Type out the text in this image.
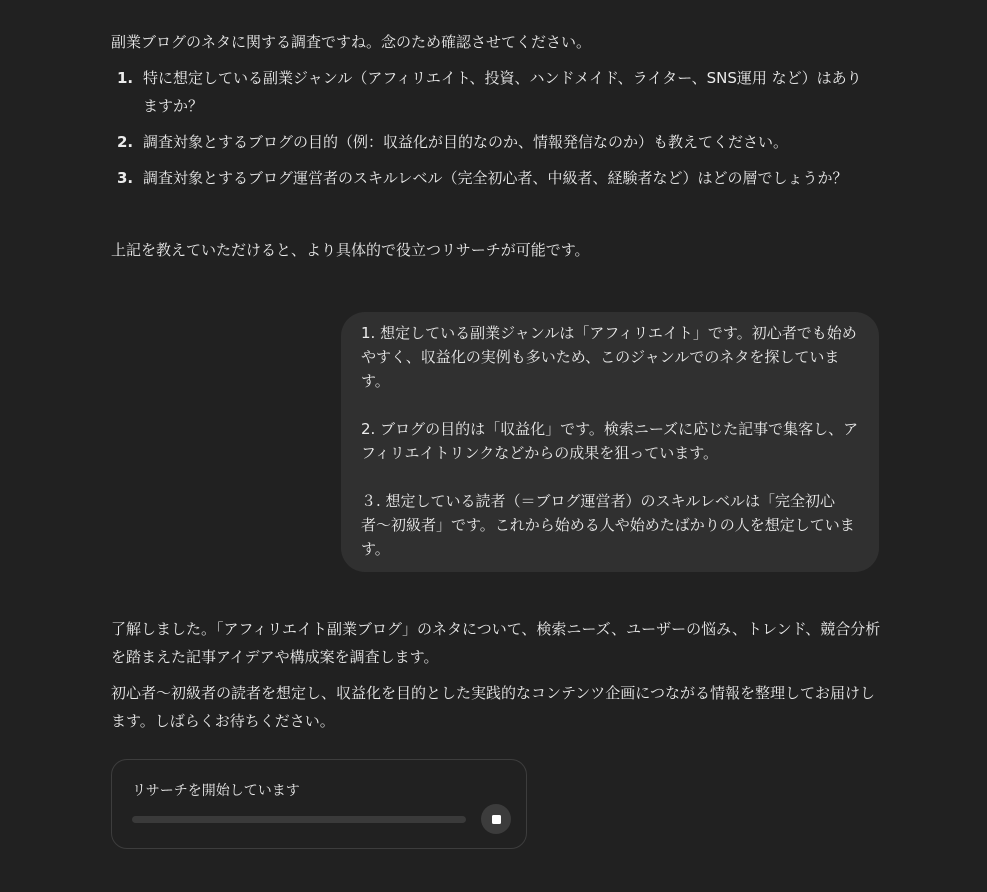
副業ブログのネタに関する調査ですね。念のため確認させてください。

1. 特に想定している副業ジャンル（アフィリエイト、投資、ハンドメイド、ライター、SNS運用 など）はありますか？
2. 調査対象とするブログの目的（例：収益化が目的なのか、情報発信なのか）も教えてください。
3. 調査対象とするブログ運営者のスキルレベル（完全初心者、中級者、経験者など）はどの層でしょうか？

上記を教えていただけると、より具体的で役立つリサーチが可能です。

了解しました。「アフィリエイト副業ブログ」のネタについて、検索ニーズ、ユーザーの悩み、トレンド、競合分析を踏まえた記事アイデアや構成案を調査します。

初心者〜初級者の読者を想定し、収益化を目的とした実践的なコンテンツ企画につながる情報を整理してお届けします。しばらくお待ちください。

1. 想定している副業ジャンルは「アフィリエイト」です。初心者でも始めやすく、収益化の実例も多いため、このジャンルでのネタを探しています。

2. ブログの目的は「収益化」です。検索ニーズに応じた記事で集客し、アフィリエイトリンクなどからの成果を狙っています。

３. 想定している読者（＝ブログ運営者）のスキルレベルは「完全初心者〜初級者」です。これから始める人や始めたばかりの人を想定しています。

リサーチを開始しています
